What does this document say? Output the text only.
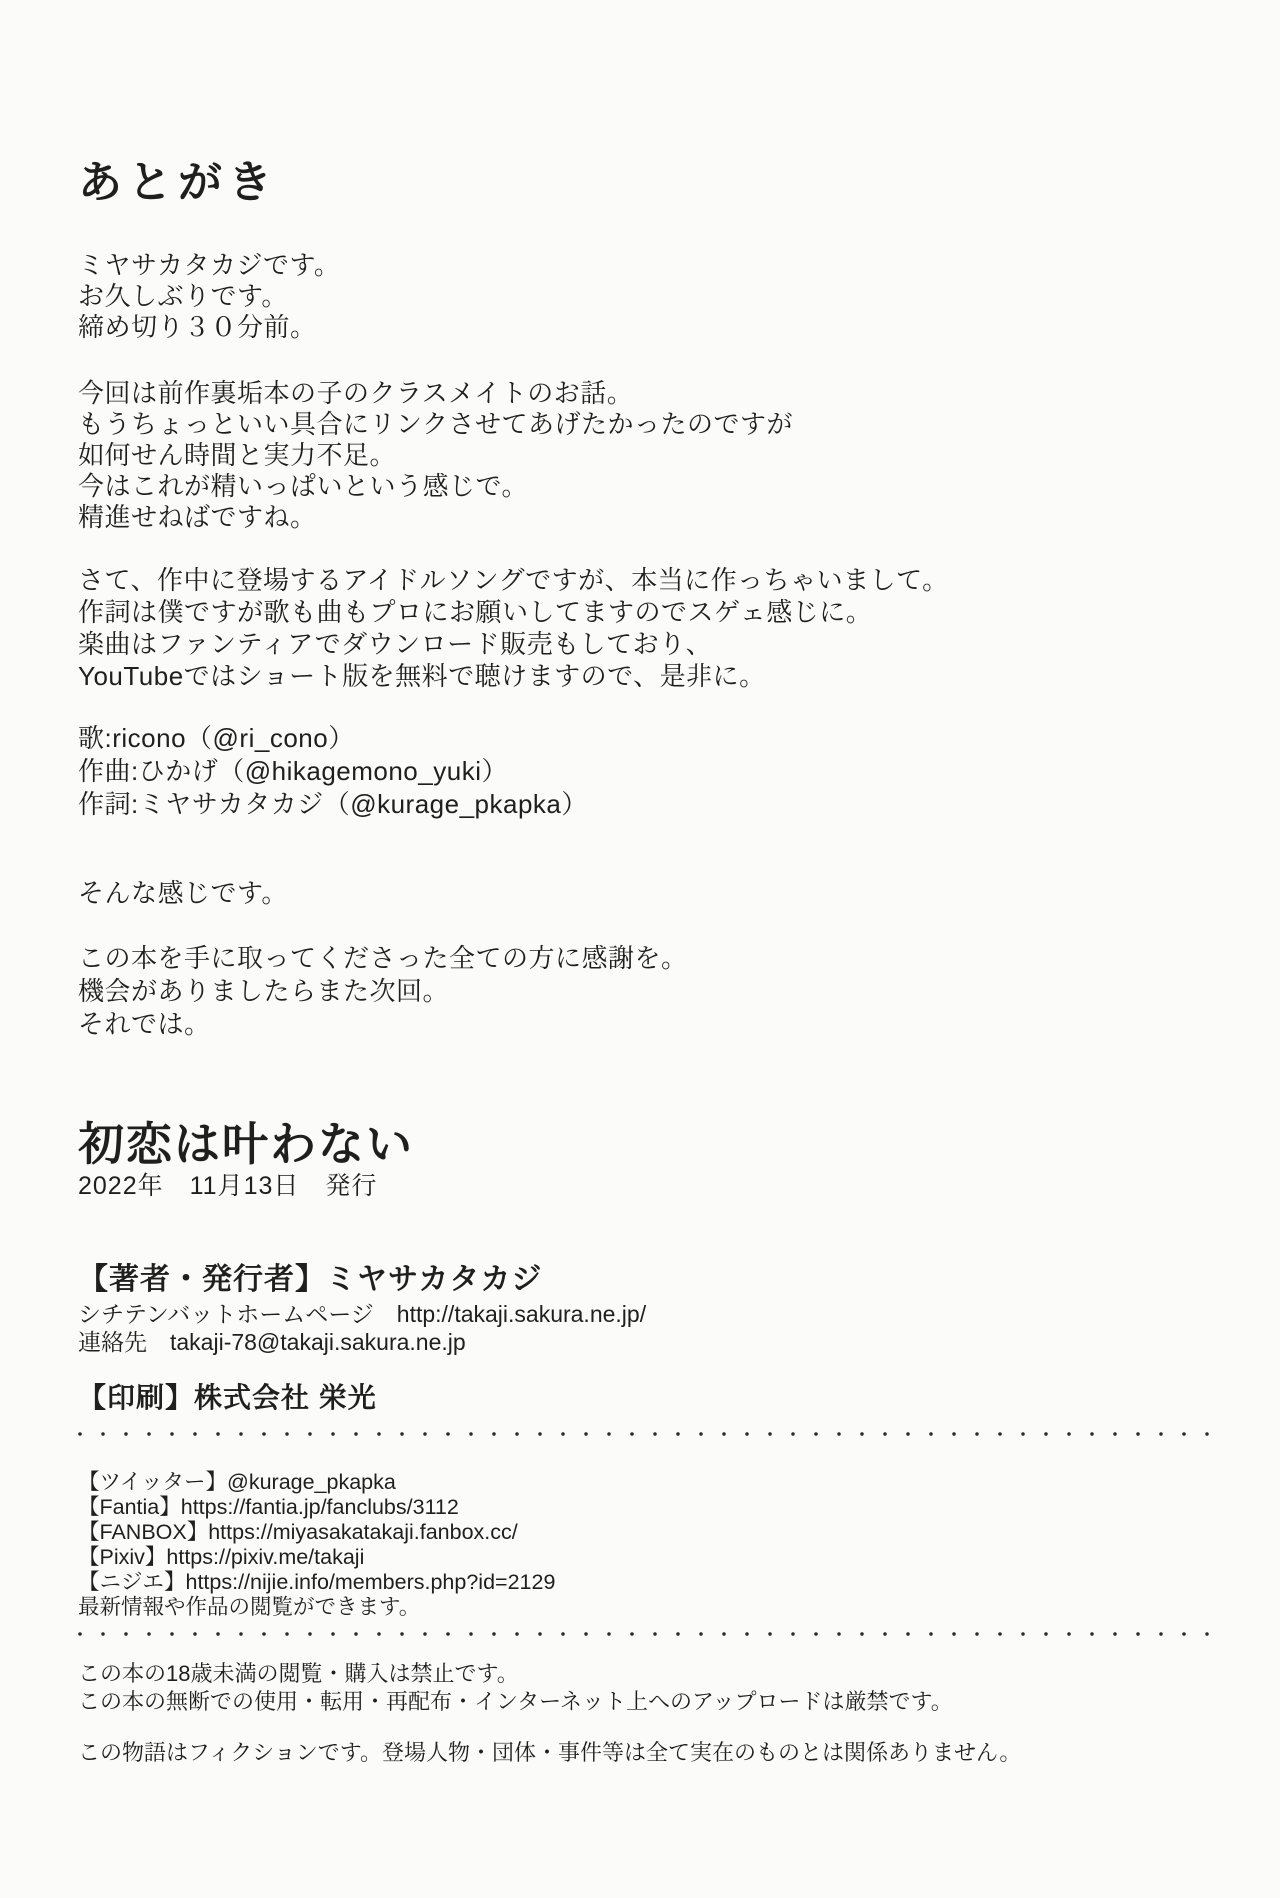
あとがき
ミヤサカタカジです。
お久しぶりです。
締め切り３０分前。
今回は前作裏垢本の子のクラスメイトのお話。
もうちょっといい具合にリンクさせてあげたかったのですが
如何せん時間と実力不足。
今はこれが精いっぱいという感じで。
精進せねばですね。
さて、作中に登場するアイドルソングですが、本当に作っちゃいまして。
作詞は僕ですが歌も曲もプロにお願いしてますのでスゲェ感じに。
楽曲はファンティアでダウンロード販売もしており、
YouTubeではショート版を無料で聴けますので、是非に。
歌:ricono（@ri_cono）
作曲:ひかげ（@hikagemono_yuki）
作詞:ミヤサカタカジ（@kurage_pkapka）
そんな感じです。
この本を手に取ってくださった全ての方に感謝を。
機会がありましたらまた次回。
それでは。
初恋は叶わない
2022年　11月13日　発行
【著者・発行者】ミヤサカタカジ
シチテンバットホームページ　http://takaji.sakura.ne.jp/
連絡先　takaji-78@takaji.sakura.ne.jp
【印刷】株式会社 栄光
【ツイッター】@kurage_pkapka
【Fantia】https://fantia.jp/fanclubs/3112
【FANBOX】https://miyasakatakaji.fanbox.cc/
【Pixiv】https://pixiv.me/takaji
【ニジエ】https://nijie.info/members.php?id=2129
最新情報や作品の閲覧ができます。
この本の18歳未満の閲覧・購入は禁止です。
この本の無断での使用・転用・再配布・インターネット上へのアップロードは厳禁です。
この物語はフィクションです。登場人物・団体・事件等は全て実在のものとは関係ありません。
